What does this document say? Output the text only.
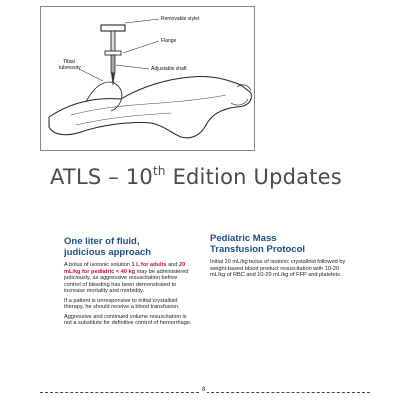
Removable stylet
Flange
Tibial
tuberosity	Adjustable shaft
ATLS – 10th Edition Updates
One liter of fluid,
judicious approach

A bolus of isotonic solution 1 L for adults and 20 mL/kg for pediatric < 40 kg may be administered judiciously, as aggressive resuscitation before control of bleeding has been demonstrated to increase mortality and morbidity.

If a patient is unresponsive to initial crystalloid therapy, he should receive a blood transfusion.

Aggressive and continued volume resuscitation is not a substitute for definitive control of hemorrhage.

Pediatric Mass
Transfusion Protocol

Initial 20 mL/kg bolus of isotonic crystalloid followed by weight-based blood product resuscitation with 10-20 mL/kg of RBC and 10-20 mL/kg of FFP and platelets.

8
